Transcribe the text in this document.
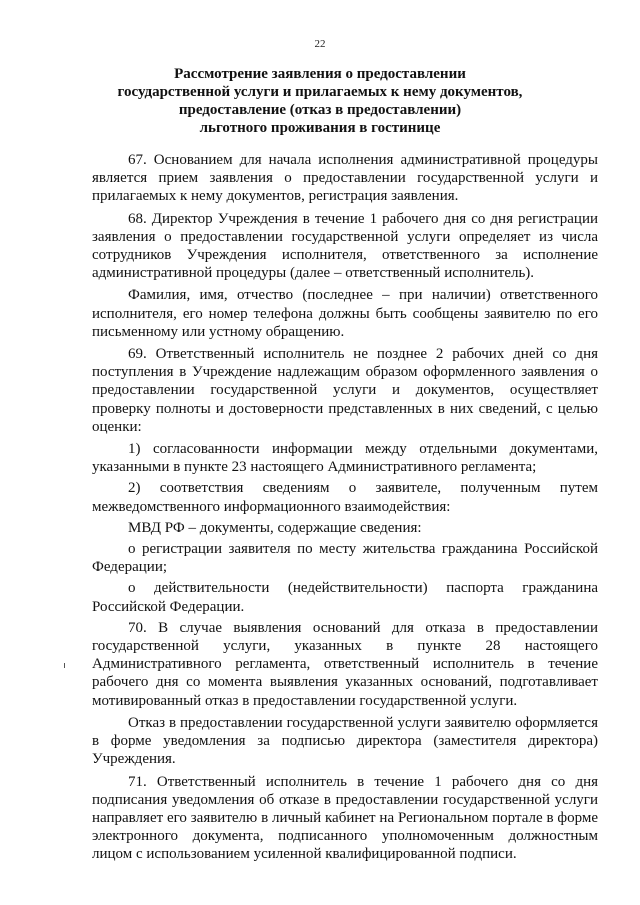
22
Рассмотрение заявления о предоставлении
государственной услуги и прилагаемых к нему документов,
предоставление (отказ в предоставлении)
льготного проживания в гостинице

67. Основанием для начала исполнения административной процедуры является прием заявления о предоставлении государственной услуги и прилагаемых к нему документов, регистрация заявления.

68. Директор Учреждения в течение 1 рабочего дня со дня регистрации заявления о предоставлении государственной услуги определяет из числа сотрудников Учреждения исполнителя, ответственного за исполнение административной процедуры (далее – ответственный исполнитель).

Фамилия, имя, отчество (последнее – при наличии) ответственного исполнителя, его номер телефона должны быть сообщены заявителю по его письменному или устному обращению.

69. Ответственный исполнитель не позднее 2 рабочих дней со дня поступления в Учреждение надлежащим образом оформленного заявления о предоставлении государственной услуги и документов, осуществляет проверку полноты и достоверности представленных в них сведений, с целью оценки:

1) согласованности информации между отдельными документами, указанными в пункте 23 настоящего Административного регламента;

2) соответствия сведениям о заявителе, полученным путем межведомственного информационного взаимодействия:

МВД РФ – документы, содержащие сведения:

о регистрации заявителя по месту жительства гражданина Российской Федерации;

о действительности (недействительности) паспорта гражданина Российской Федерации.

70. В случае выявления оснований для отказа в предоставлении государственной услуги, указанных в пункте 28 настоящего Административного регламента, ответственный исполнитель в течение рабочего дня со момента выявления указанных оснований, подготавливает мотивированный отказ в предоставлении государственной услуги.

Отказ в предоставлении государственной услуги заявителю оформляется в форме уведомления за подписью директора (заместителя директора) Учреждения.

71. Ответственный исполнитель в течение 1 рабочего дня со дня подписания уведомления об отказе в предоставлении государственной услуги направляет его заявителю в личный кабинет на Региональном портале в форме электронного документа, подписанного уполномоченным должностным лицом с использованием усиленной квалифицированной подписи.
